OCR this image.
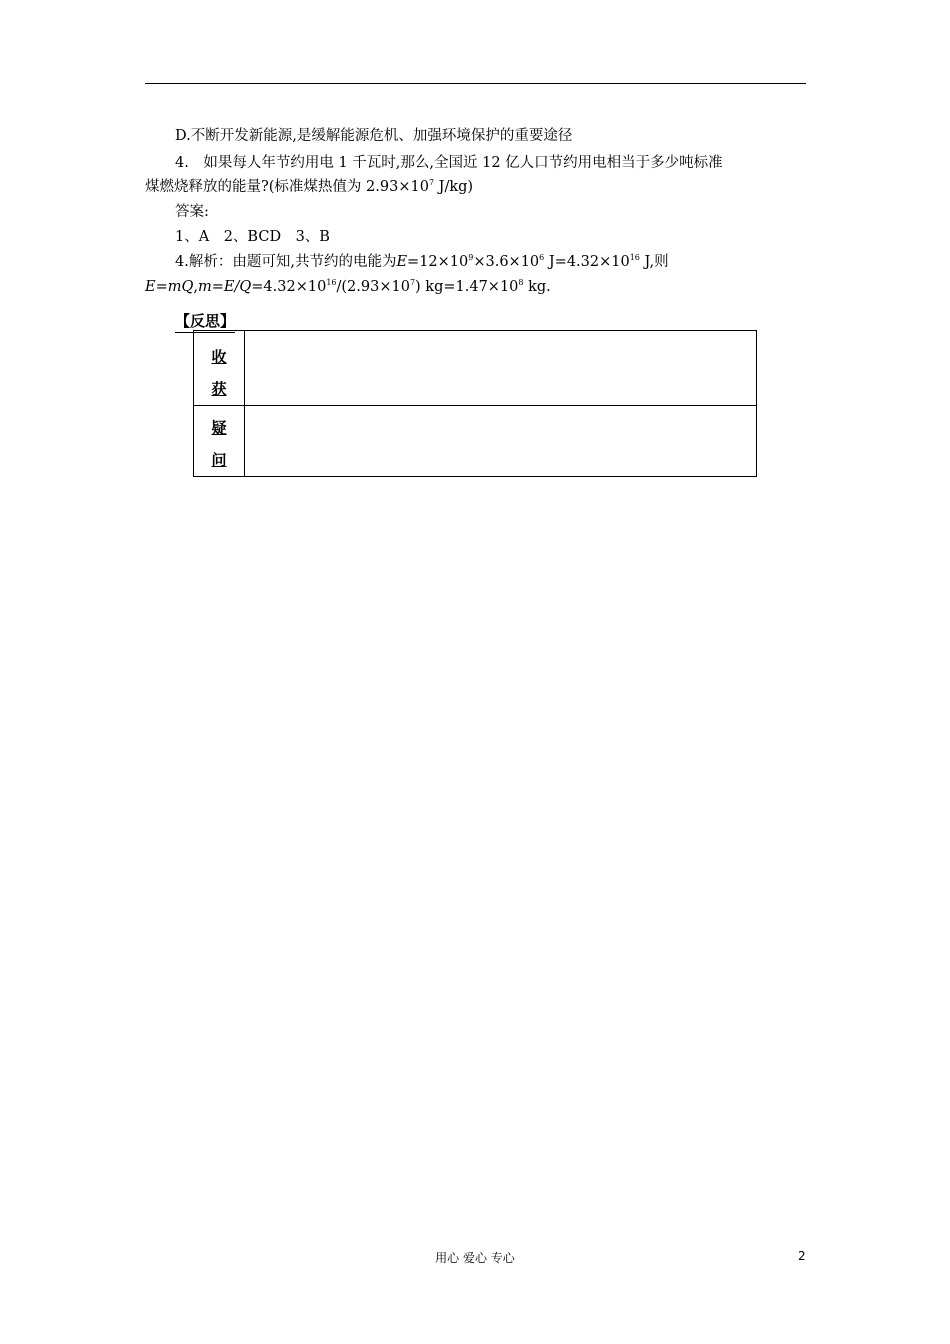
D.不断开发新能源,是缓解能源危机、加强环境保护的重要途径
4.　如果每人年节约用电 1 千瓦时,那么,全国近 12 亿人口节约用电相当于多少吨标准
煤燃烧释放的能量?(标准煤热值为 $2.93\times 10^7$ J/kg)
答案:
1、A　2、BCD　3、B
4.解析：由题可知,共节约的电能为$E=12\times 10^9\times 3.6\times 10^6$ $J=4.32\times 10^{16}$ J,则
$E=mQ,m=E/Q=4.32\times 10^{16}/(2.93\times 10^7)$ $kg=1.47\times 10^8$ kg.
【反思】
收
获	

疑
问	

用心 爱心 专心	2
